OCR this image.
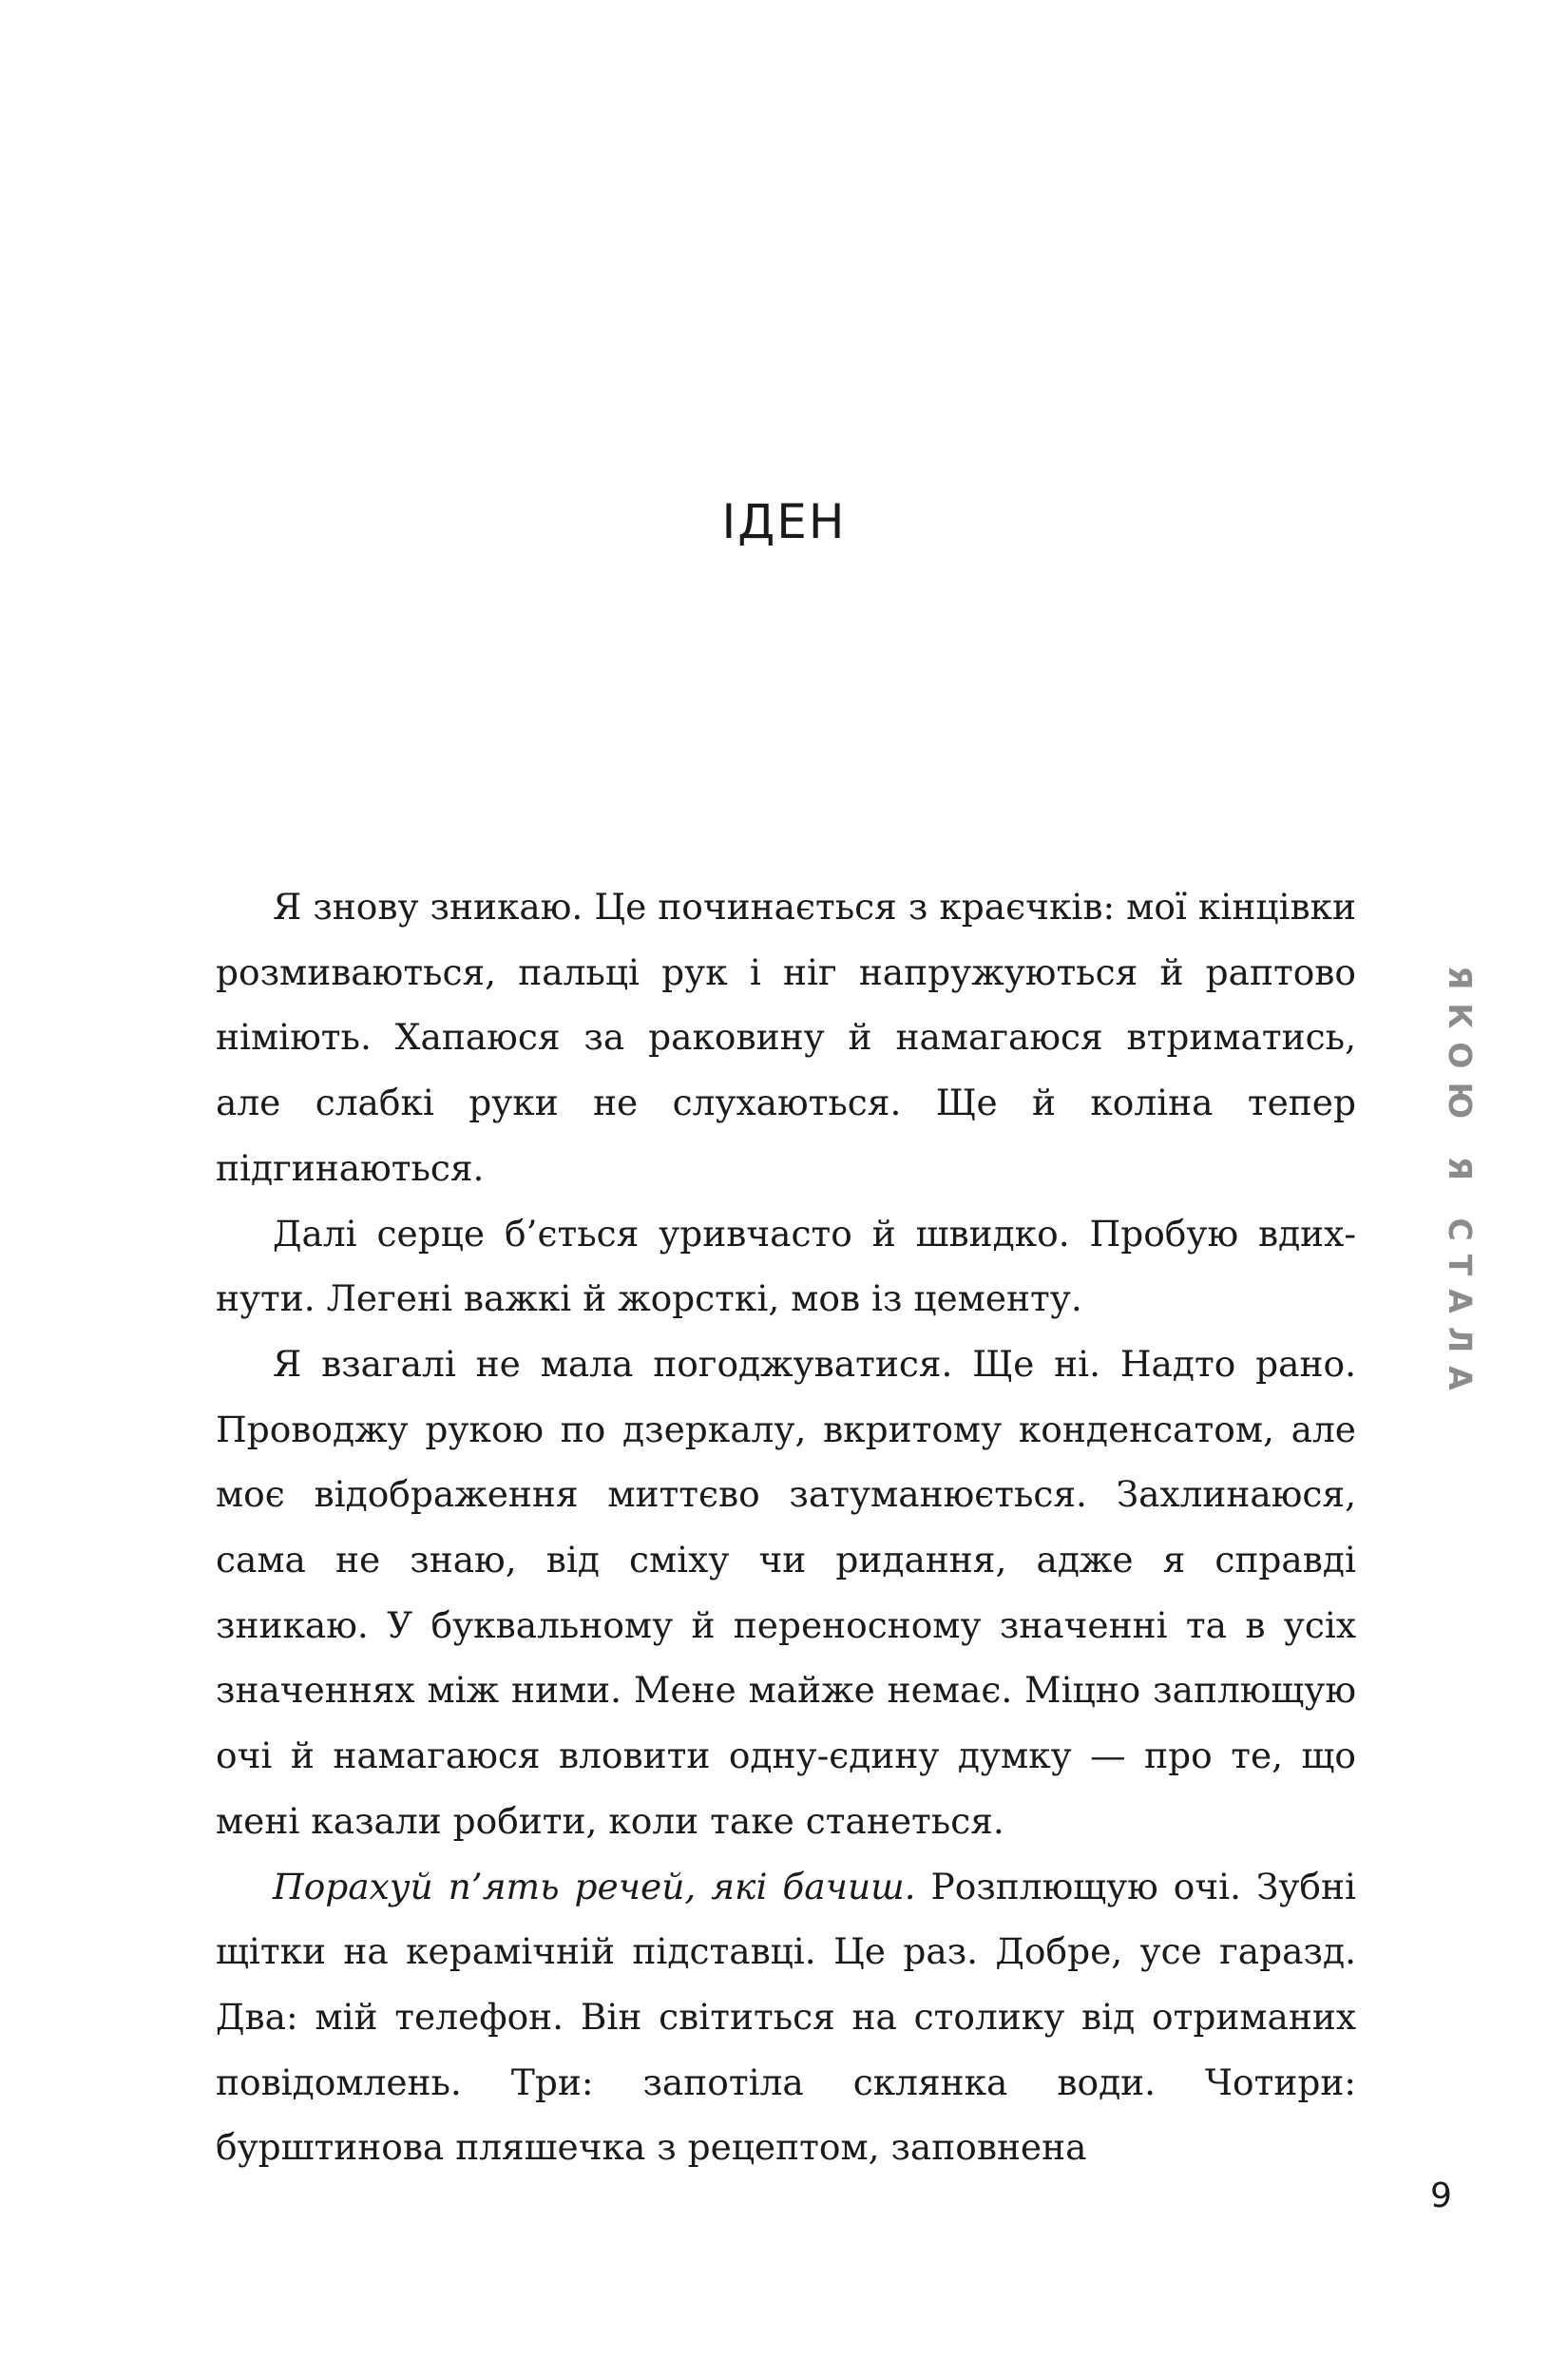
ІДЕН
ЯКОЮ Я СТАЛА

Я знову зникаю. Це починається з краєчків: мої кінцівки розмиваються, пальці рук і ніг напружуються й раптово німіють. Хапаюся за раковину й намагаюся втриматись, але слабкі руки не слухаються. Ще й коліна тепер підгинаються.

Далі серце б’ється уривчасто й швидко. Пробую вдихнути. Легені важкі й жорсткі, мов із цементу.

Я взагалі не мала погоджуватися. Ще ні. Надто рано. Проводжу рукою по дзеркалу, вкритому конденсатом, але моє відображення миттєво затуманюється. Захлинаюся, сама не знаю, від сміху чи ридання, адже я справді зникаю. У буквальному й переносному значенні та в усіх значеннях між ними. Мене майже немає. Міцно заплющую очі й намагаюся вловити одну-єдину думку — про те, що мені казали робити, коли таке станеться.

Порахуй п’ять речей, які бачиш. Розплющую очі. Зубні щітки на керамічній підставці. Це раз. Добре, усе гаразд. Два: мій телефон. Він світиться на столику від отриманих повідомлень. Три: запотіла склянка води. Чотири: бурштинова пляшечка з рецептом, заповнена

9
